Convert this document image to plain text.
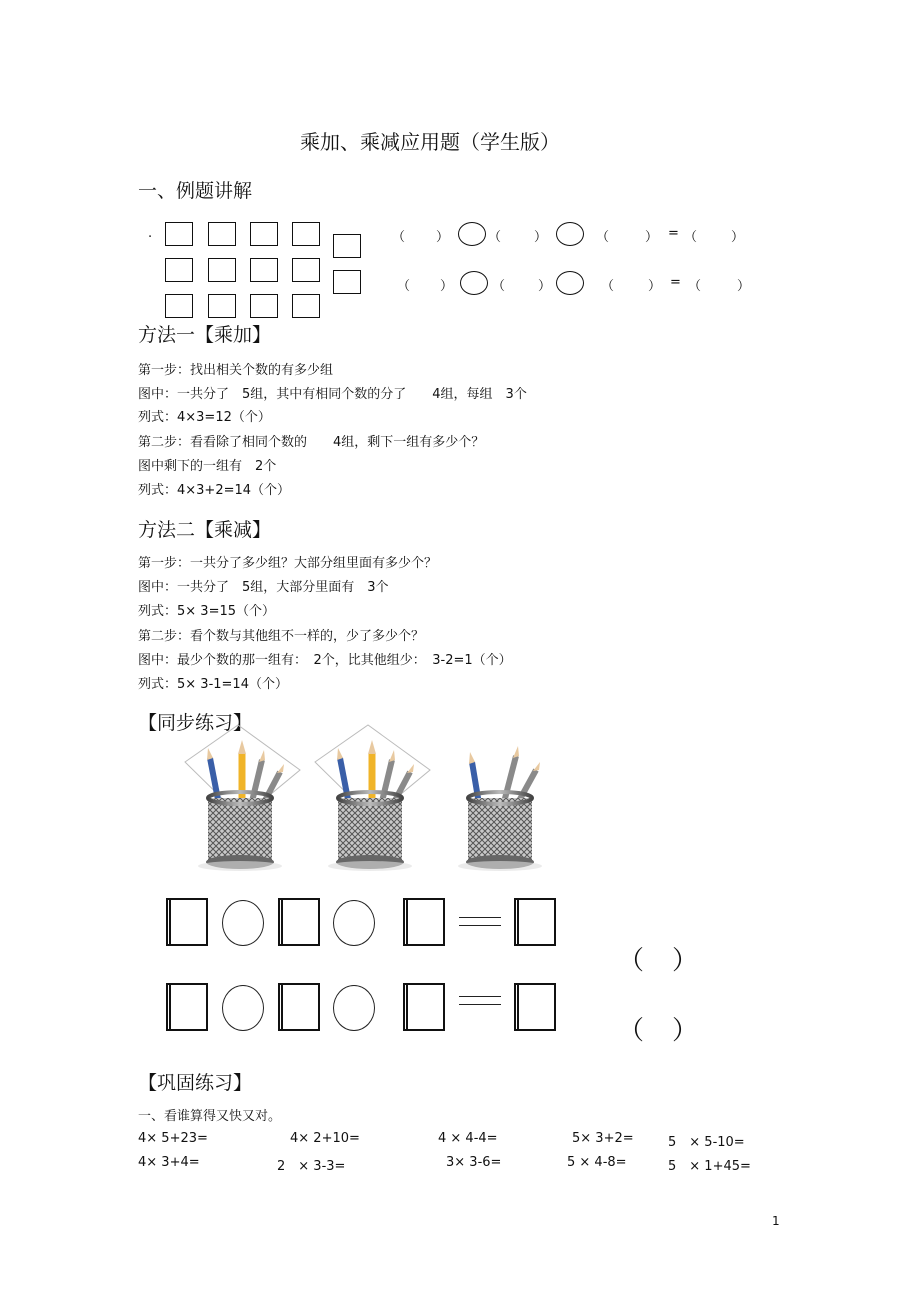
乘加、乘减应用题（学生版）
一、例题讲解
.	（ ）	（	）	（	） = （	）
（ ）	（	）	（	） = （	）
方法一【乘加】
第一步：找出相关个数的有多少组
图中：一共分了　5组，其中有相同个数的分了　　4组，每组　3个
列式：4×3=12（个）
第二步：看看除了相同个数的　　4组，剩下一组有多少个？
图中剩下的一组有　2个
列式：4×3+2=14（个）
方法二【乘减】
第一步：一共分了多少组？大部分组里面有多少个？
图中：一共分了　5组，大部分里面有　3个
列式：5× 3=15（个）
第二步：看个数与其他组不一样的，少了多少个？
图中：最少个数的那一组有：　2个，比其他组少：　3-2=1（个）
列式：5× 3-1=14（个）
【同步练习】
（ ）
（ ）
【巩固练习】
一、看谁算得又快又对。
4× 5+23=	4× 2+10=	4 × 4-4=	5× 3+2=	5　× 5-10=
4× 3+4=	2　× 3-3=	3× 3-6=	5 × 4-8=	5　× 1+45=
1
